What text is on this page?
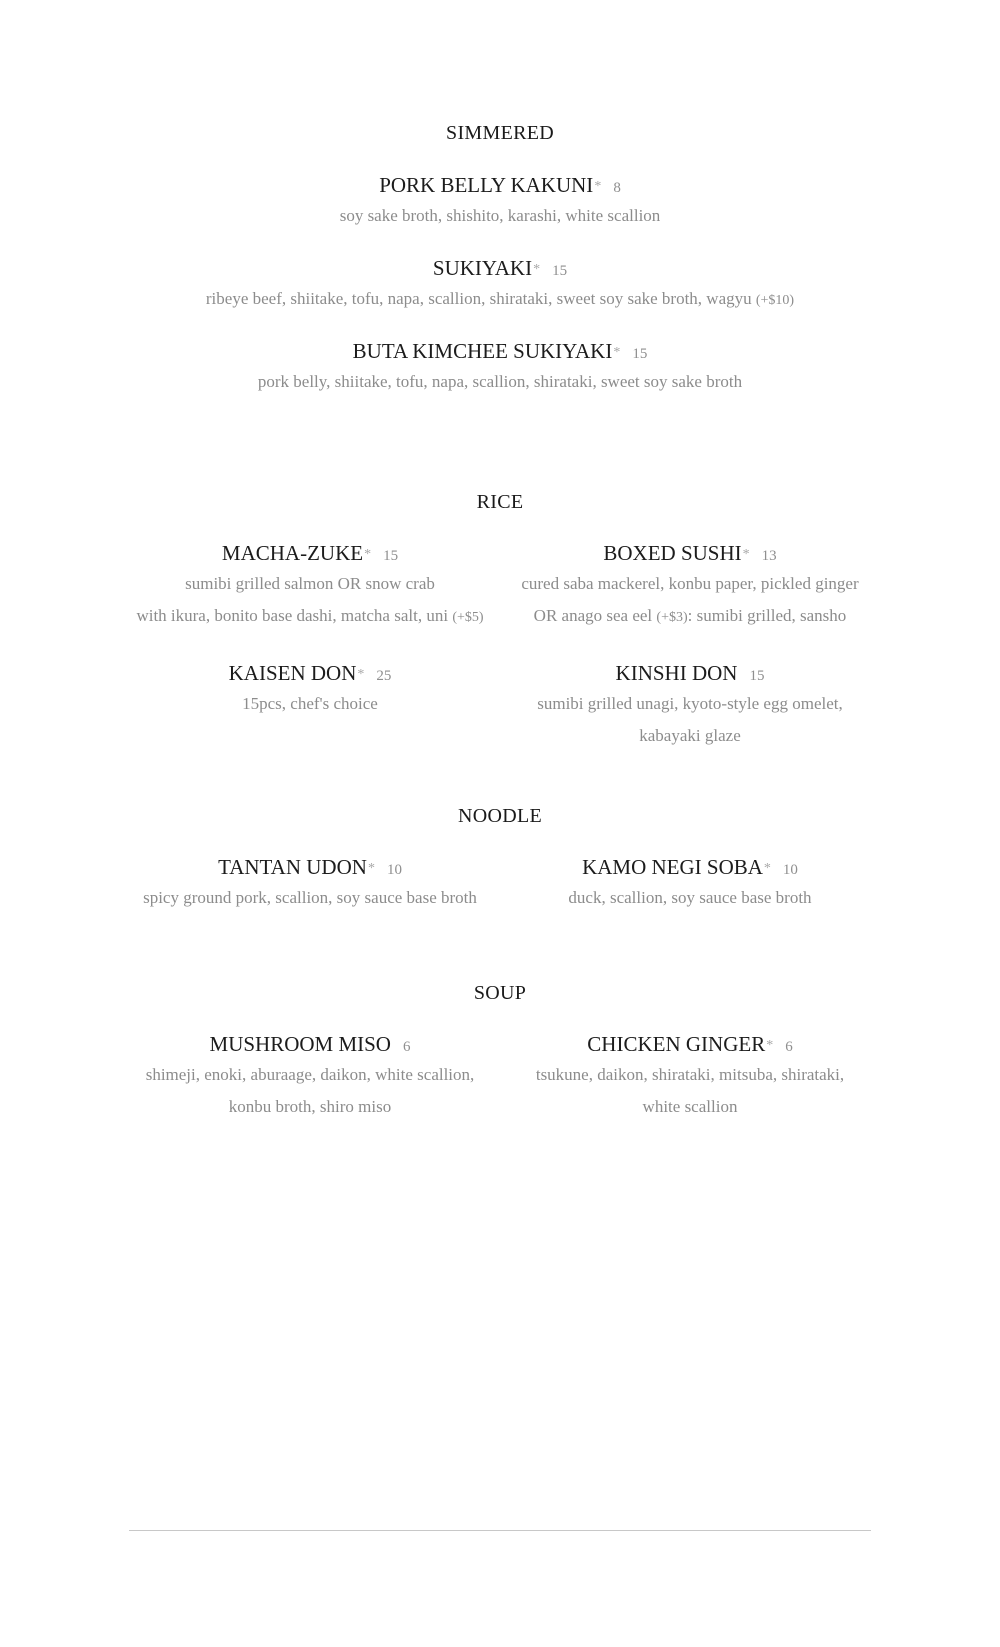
SIMMERED
PORK BELLY KAKUNI* 8
soy sake broth, shishito, karashi, white scallion
SUKIYAKI* 15
ribeye beef, shiitake, tofu, napa, scallion, shirataki, sweet soy sake broth, wagyu (+$10)
BUTA KIMCHEE SUKIYAKI* 15
pork belly, shiitake, tofu, napa, scallion, shirataki, sweet soy sake broth
RICE
MACHA-ZUKE* 15
sumibi grilled salmon OR snow crab
with ikura, bonito base dashi, matcha salt, uni (+$5)
BOXED SUSHI* 13
cured saba mackerel, konbu paper, pickled ginger
OR anago sea eel (+$3): sumibi grilled, sansho
KAISEN DON* 25
15pcs, chef's choice
KINSHI DON 15
sumibi grilled unagi, kyoto-style egg omelet,
kabayaki glaze
NOODLE
TANTAN UDON* 10
spicy ground pork, scallion, soy sauce base broth
KAMO NEGI SOBA* 10
duck, scallion, soy sauce base broth
SOUP
MUSHROOM MISO 6
shimeji, enoki, aburaage, daikon, white scallion,
konbu broth, shiro miso
CHICKEN GINGER* 6
tsukune, daikon, shirataki, mitsuba, shirataki,
white scallion
